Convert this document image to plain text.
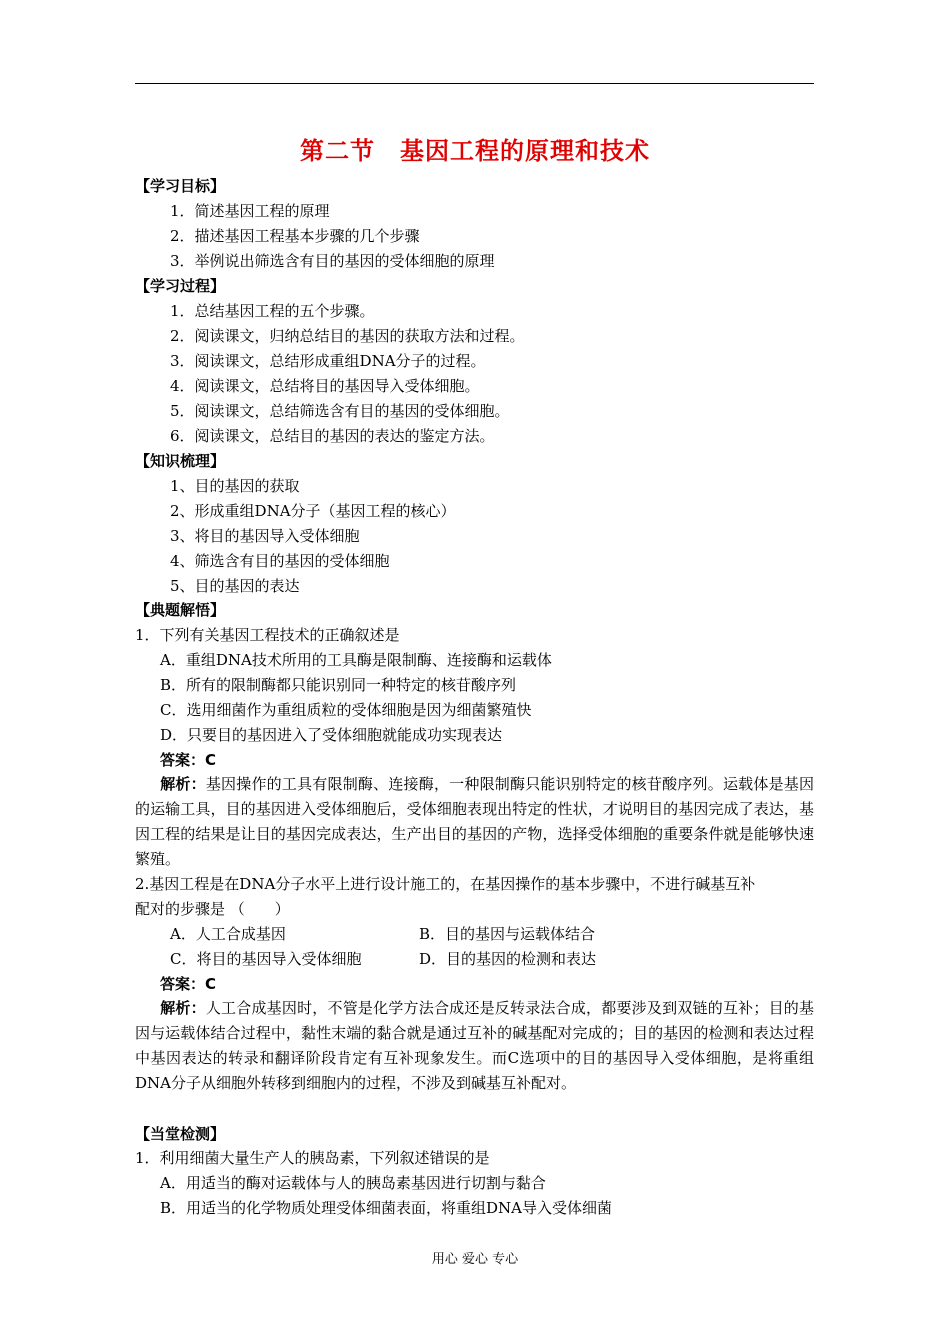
第二节　基因工程的原理和技术
【学习目标】
1．简述基因工程的原理
2．描述基因工程基本步骤的几个步骤
3．举例说出筛选含有目的基因的受体细胞的原理
【学习过程】
1．总结基因工程的五个步骤。
2．阅读课文，归纳总结目的基因的获取方法和过程。
3．阅读课文，总结形成重组DNA分子的过程。
4．阅读课文，总结将目的基因导入受体细胞。
5．阅读课文，总结筛选含有目的基因的受体细胞。
6．阅读课文，总结目的基因的表达的鉴定方法。
【知识梳理】
1、目的基因的获取
2、形成重组DNA分子（基因工程的核心）
3、将目的基因导入受体细胞
4、筛选含有目的基因的受体细胞
5、目的基因的表达
【典题解悟】
1．下列有关基因工程技术的正确叙述是
A．重组DNA技术所用的工具酶是限制酶、连接酶和运载体
B．所有的限制酶都只能识别同一种特定的核苷酸序列
C．选用细菌作为重组质粒的受体细胞是因为细菌繁殖快
D．只要目的基因进入了受体细胞就能成功实现表达
答案：C
解析：基因操作的工具有限制酶、连接酶，一种限制酶只能识别特定的核苷酸序列。运载体是基因的运输工具，目的基因进入受体细胞后，受体细胞表现出特定的性状，才说明目的基因完成了表达，基因工程的结果是让目的基因完成表达，生产出目的基因的产物，选择受体细胞的重要条件就是能够快速繁殖。
2.基因工程是在DNA分子水平上进行设计施工的，在基因操作的基本步骤中，不进行碱基互补
配对的步骤是 （　　）
A．人工合成基因	B．目的基因与运载体结合
C．将目的基因导入受体细胞	D．目的基因的检测和表达
答案：C
解析：人工合成基因时，不管是化学方法合成还是反转录法合成，都要涉及到双链的互补；目的基因与运载体结合过程中，黏性末端的黏合就是通过互补的碱基配对完成的；目的基因的检测和表达过程中基因表达的转录和翻译阶段肯定有互补现象发生。而C选项中的目的基因导入受体细胞，是将重组DNA分子从细胞外转移到细胞内的过程，不涉及到碱基互补配对。
【当堂检测】
1．利用细菌大量生产人的胰岛素，下列叙述错误的是
A．用适当的酶对运载体与人的胰岛素基因进行切割与黏合
B．用适当的化学物质处理受体细菌表面，将重组DNA导入受体细菌
用心 爱心 专心
